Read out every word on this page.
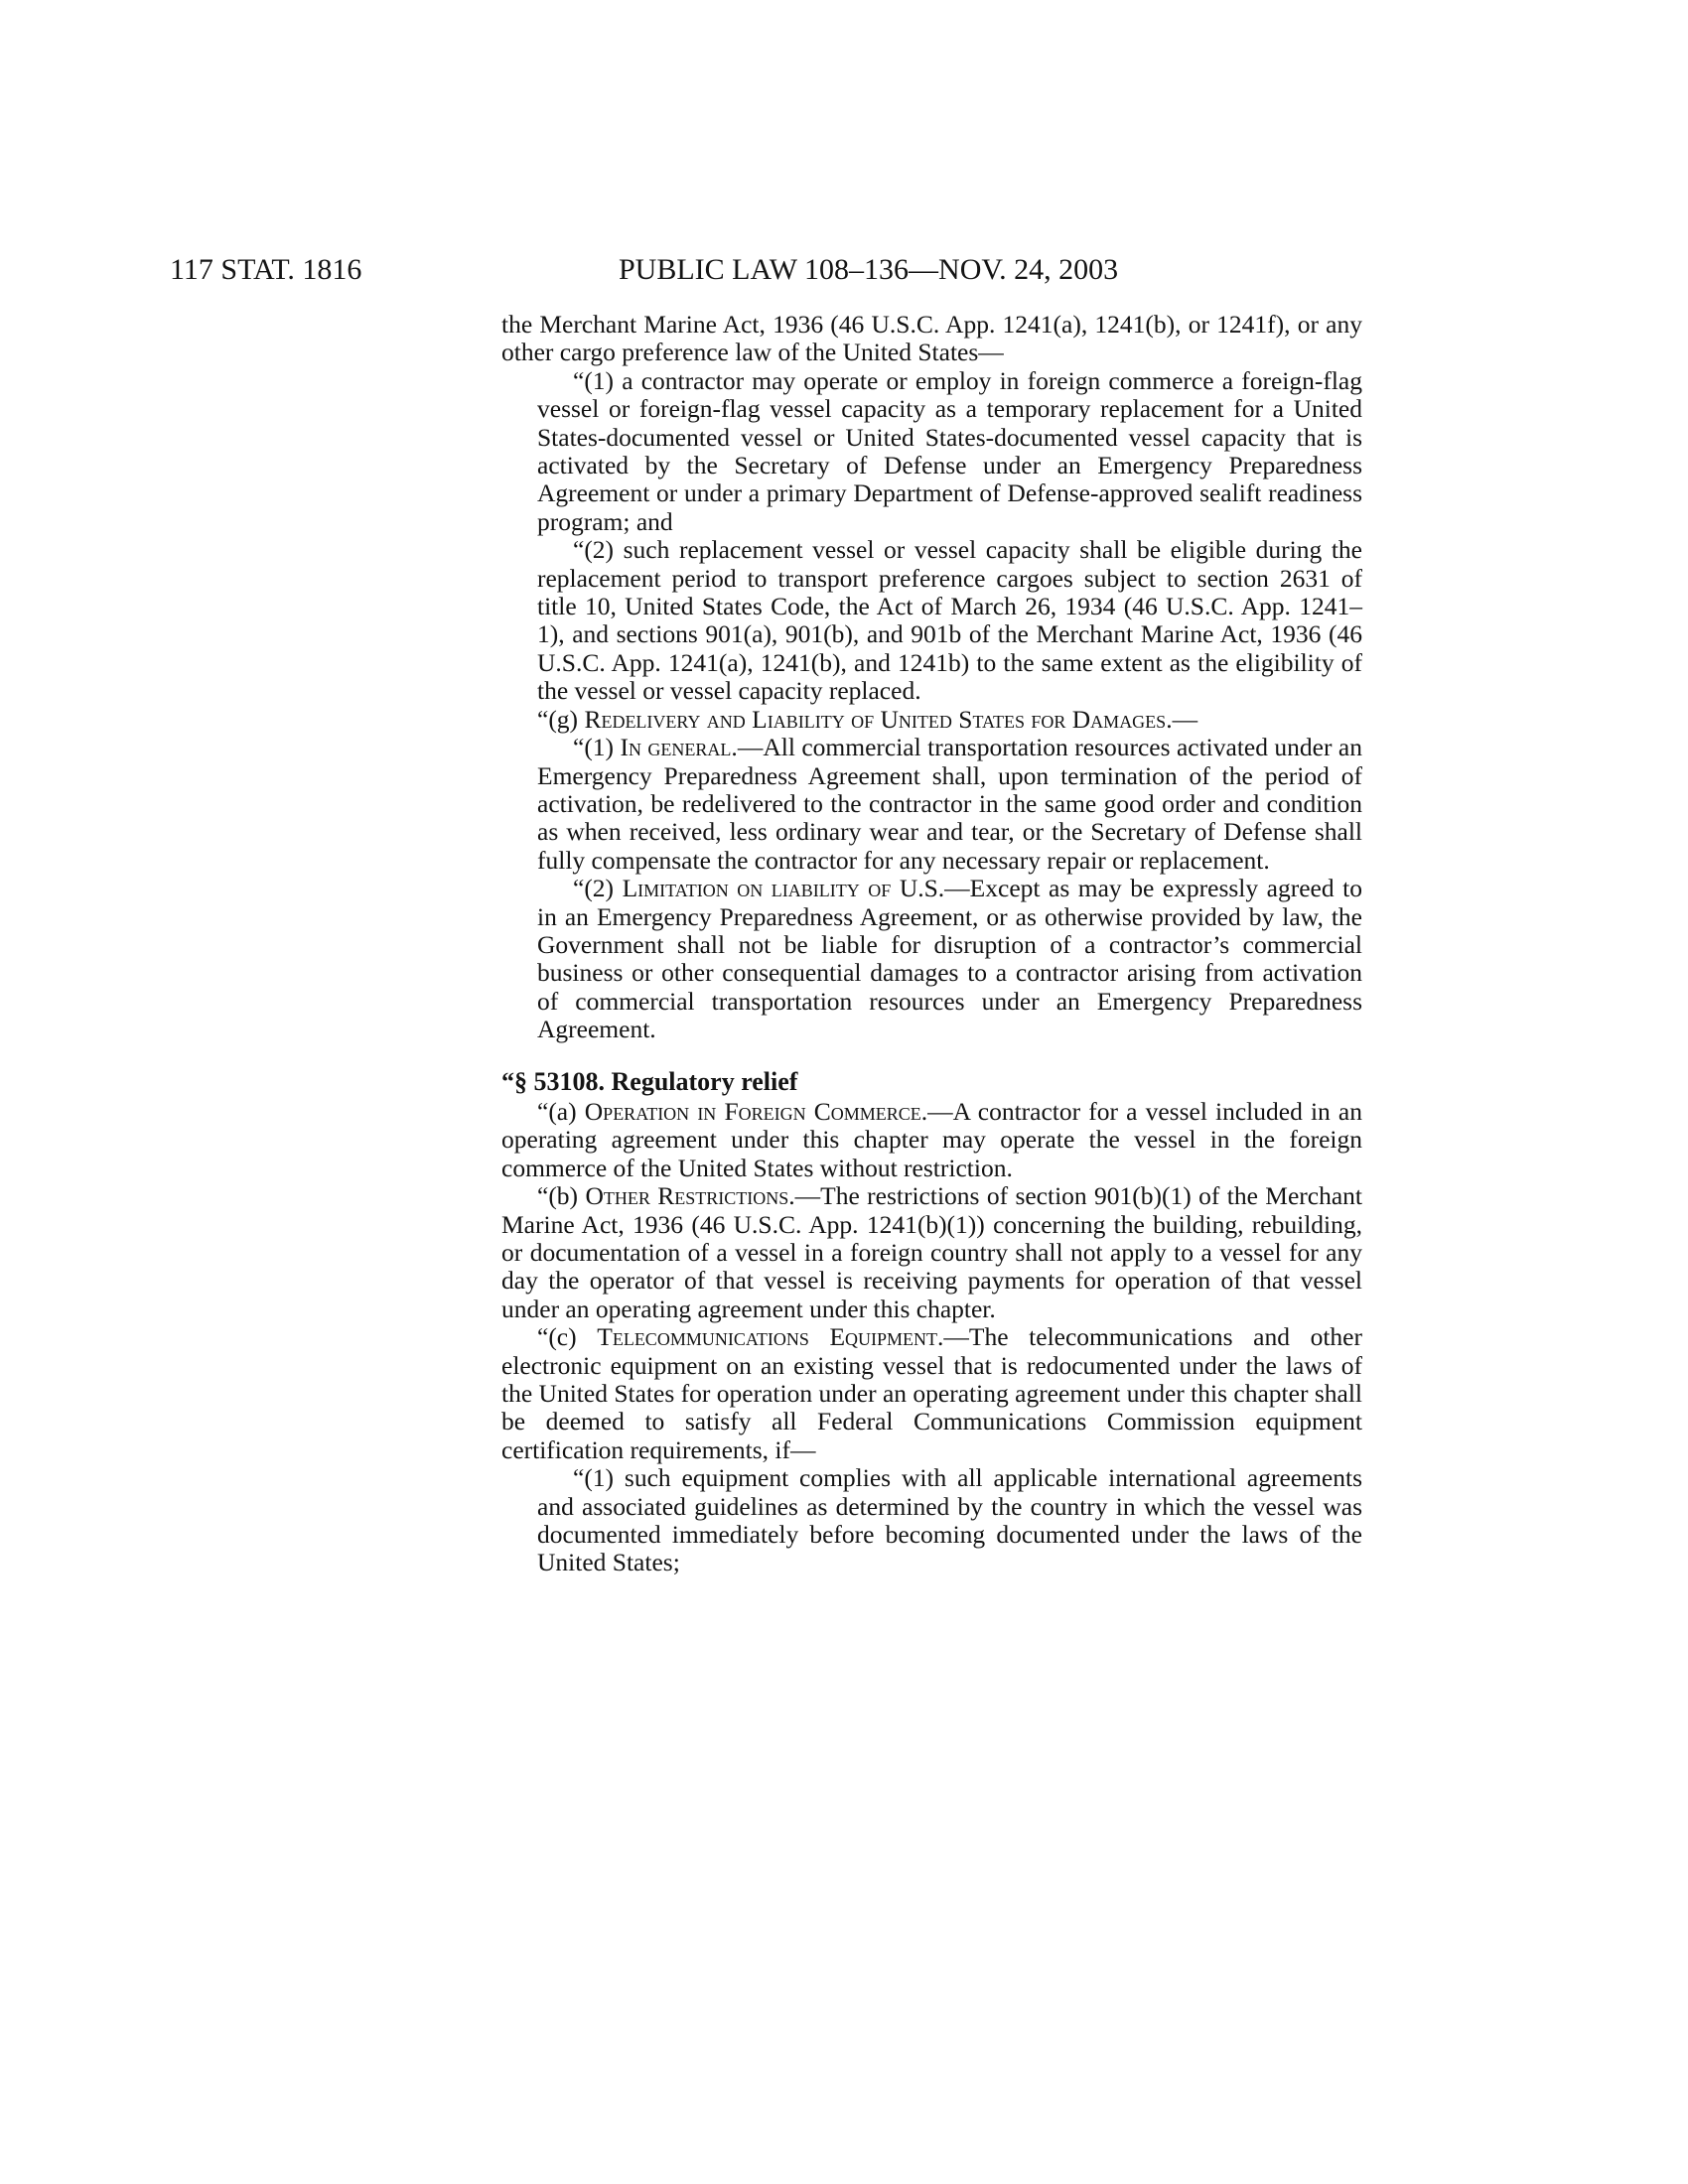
117 STAT. 1816	PUBLIC LAW 108–136—NOV. 24, 2003

the Merchant Marine Act, 1936 (46 U.S.C. App. 1241(a), 1241(b), or 1241f), or any other cargo preference law of the United States—

“(1) a contractor may operate or employ in foreign commerce a foreign-flag vessel or foreign-flag vessel capacity as a temporary replacement for a United States-documented vessel or United States-documented vessel capacity that is activated by the Secretary of Defense under an Emergency Preparedness Agreement or under a primary Department of Defense-approved sealift readiness program; and

“(2) such replacement vessel or vessel capacity shall be eligible during the replacement period to transport preference cargoes subject to section 2631 of title 10, United States Code, the Act of March 26, 1934 (46 U.S.C. App. 1241–1), and sections 901(a), 901(b), and 901b of the Merchant Marine Act, 1936 (46 U.S.C. App. 1241(a), 1241(b), and 1241b) to the same extent as the eligibility of the vessel or vessel capacity replaced.

“(g) Redelivery and Liability of United States for Damages.—

“(1) In general.—All commercial transportation resources activated under an Emergency Preparedness Agreement shall, upon termination of the period of activation, be redelivered to the contractor in the same good order and condition as when received, less ordinary wear and tear, or the Secretary of Defense shall fully compensate the contractor for any necessary repair or replacement.

“(2) Limitation on liability of U.S.—Except as may be expressly agreed to in an Emergency Preparedness Agreement, or as otherwise provided by law, the Government shall not be liable for disruption of a contractor’s commercial business or other consequential damages to a contractor arising from activation of commercial transportation resources under an Emergency Preparedness Agreement.

“§ 53108. Regulatory relief

“(a) Operation in Foreign Commerce.—A contractor for a vessel included in an operating agreement under this chapter may operate the vessel in the foreign commerce of the United States without restriction.

“(b) Other Restrictions.—The restrictions of section 901(b)(1) of the Merchant Marine Act, 1936 (46 U.S.C. App. 1241(b)(1)) concerning the building, rebuilding, or documentation of a vessel in a foreign country shall not apply to a vessel for any day the operator of that vessel is receiving payments for operation of that vessel under an operating agreement under this chapter.

“(c) Telecommunications Equipment.—The telecommunications and other electronic equipment on an existing vessel that is redocumented under the laws of the United States for operation under an operating agreement under this chapter shall be deemed to satisfy all Federal Communications Commission equipment certification requirements, if—

“(1) such equipment complies with all applicable international agreements and associated guidelines as determined by the country in which the vessel was documented immediately before becoming documented under the laws of the United States;
